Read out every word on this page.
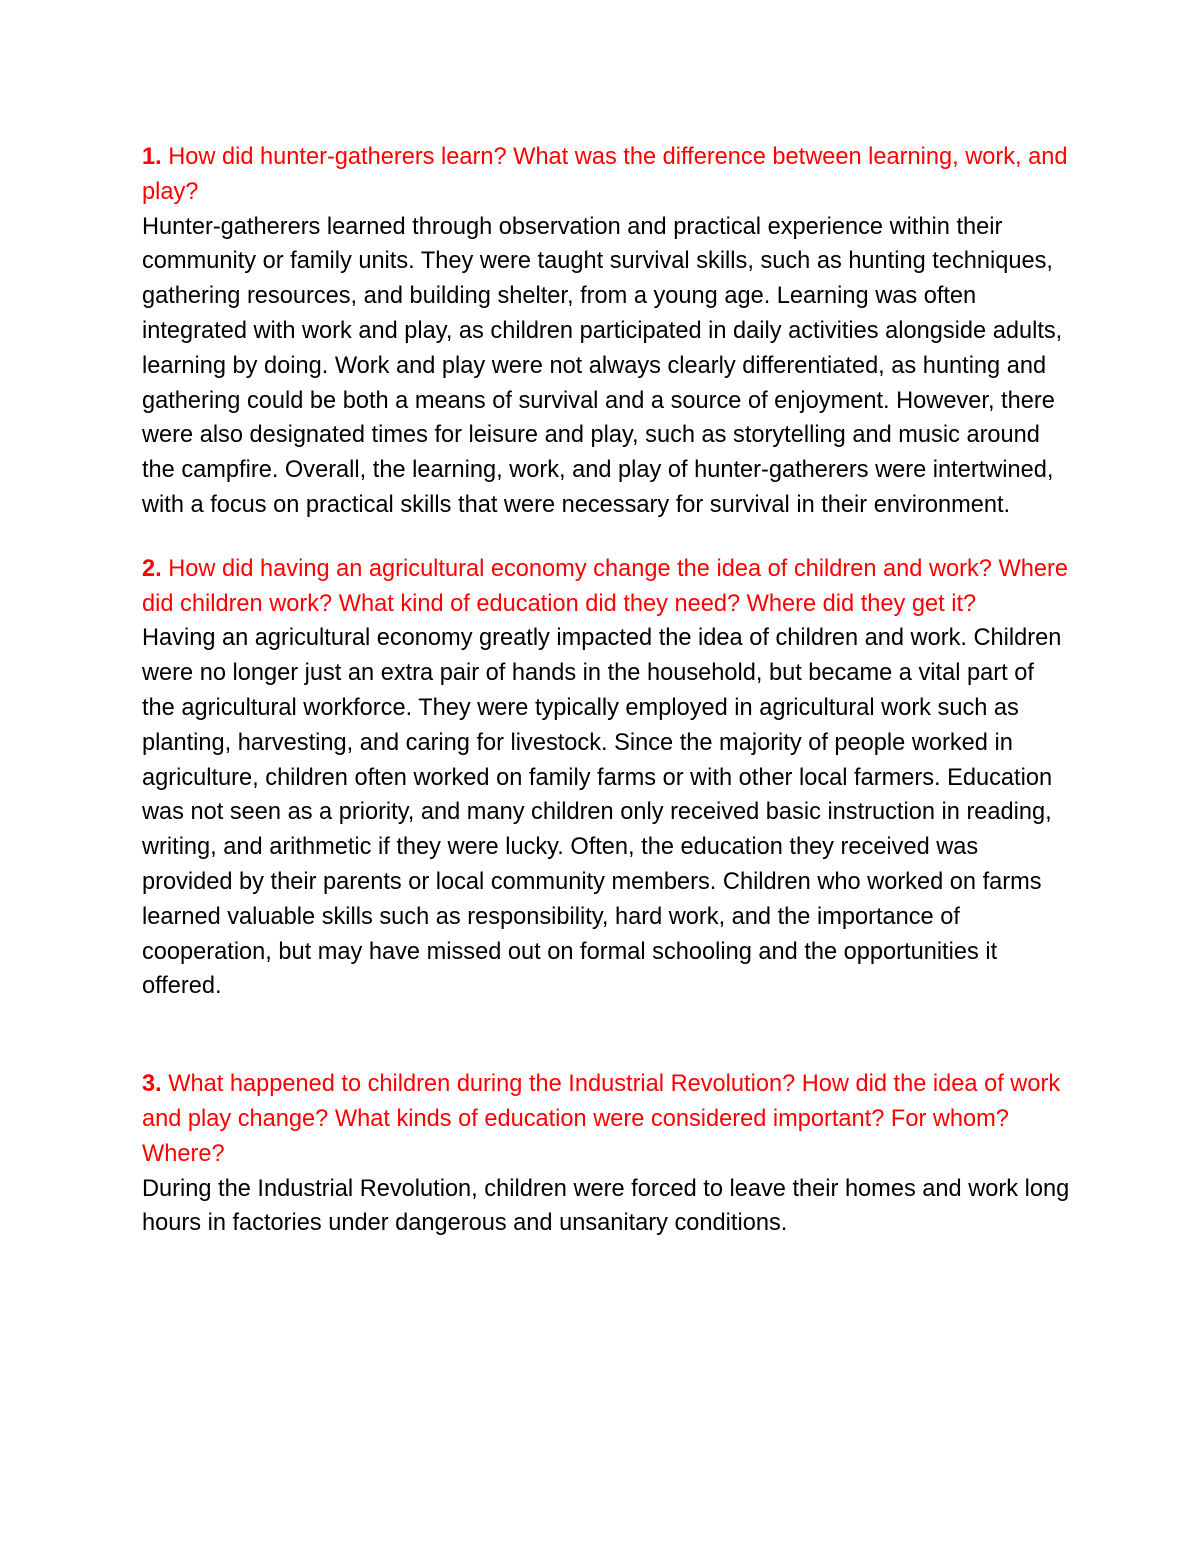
1. How did hunter-gatherers learn? What was the difference between learning, work, and play?

Hunter-gatherers learned through observation and practical experience within their community or family units. They were taught survival skills, such as hunting techniques, gathering resources, and building shelter, from a young age. Learning was often integrated with work and play, as children participated in daily activities alongside adults, learning by doing. Work and play were not always clearly differentiated, as hunting and gathering could be both a means of survival and a source of enjoyment. However, there were also designated times for leisure and play, such as storytelling and music around the campfire. Overall, the learning, work, and play of hunter-gatherers were intertwined, with a focus on practical skills that were necessary for survival in their environment.

2. How did having an agricultural economy change the idea of children and work? Where did children work? What kind of education did they need? Where did they get it?

Having an agricultural economy greatly impacted the idea of children and work. Children were no longer just an extra pair of hands in the household, but became a vital part of the agricultural workforce. They were typically employed in agricultural work such as planting, harvesting, and caring for livestock. Since the majority of people worked in agriculture, children often worked on family farms or with other local farmers. Education was not seen as a priority, and many children only received basic instruction in reading, writing, and arithmetic if they were lucky. Often, the education they received was provided by their parents or local community members. Children who worked on farms learned valuable skills such as responsibility, hard work, and the importance of cooperation, but may have missed out on formal schooling and the opportunities it offered.

3. What happened to children during the Industrial Revolution? How did the idea of work and play change? What kinds of education were considered important? For whom? Where?

During the Industrial Revolution, children were forced to leave their homes and work long hours in factories under dangerous and unsanitary conditions.
